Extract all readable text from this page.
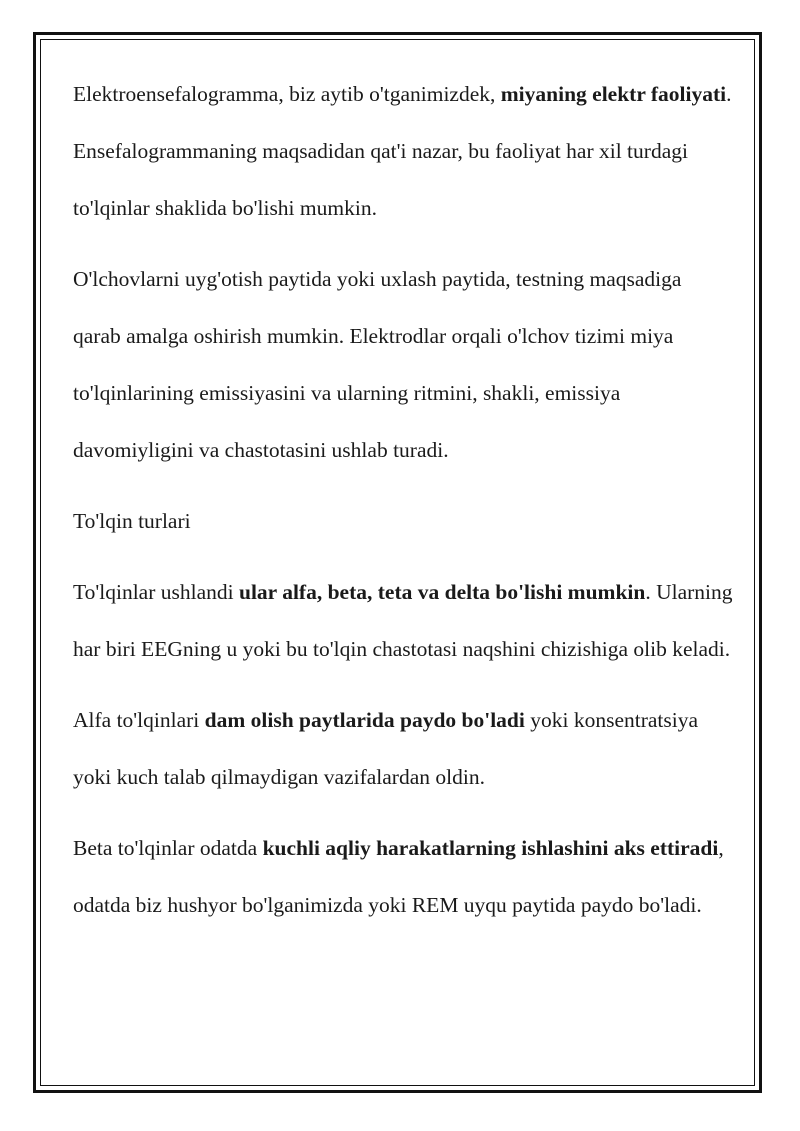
Elektroensefalogramma, biz aytib o'tganimizdek, miyaning elektr faoliyati. Ensefalogrammaning maqsadidan qat'i nazar, bu faoliyat har xil turdagi to'lqinlar shaklida bo'lishi mumkin.

O'lchovlarni uyg'otish paytida yoki uxlash paytida, testning maqsadiga qarab amalga oshirish mumkin. Elektrodlar orqali o'lchov tizimi miya to'lqinlarining emissiyasini va ularning ritmini, shakli, emissiya davomiyligini va chastotasini ushlab turadi.

To'lqin turlari

To'lqinlar ushlandi ular alfa, beta, teta va delta bo'lishi mumkin. Ularning har biri EEGning u yoki bu to'lqin chastotasi naqshini chizishiga olib keladi.

Alfa to'lqinlari dam olish paytlarida paydo bo'ladi yoki konsentratsiya yoki kuch talab qilmaydigan vazifalardan oldin.

Beta to'lqinlar odatda kuchli aqliy harakatlarning ishlashini aks ettiradi, odatda biz hushyor bo'lganimizda yoki REM uyqu paytida paydo bo'ladi.
